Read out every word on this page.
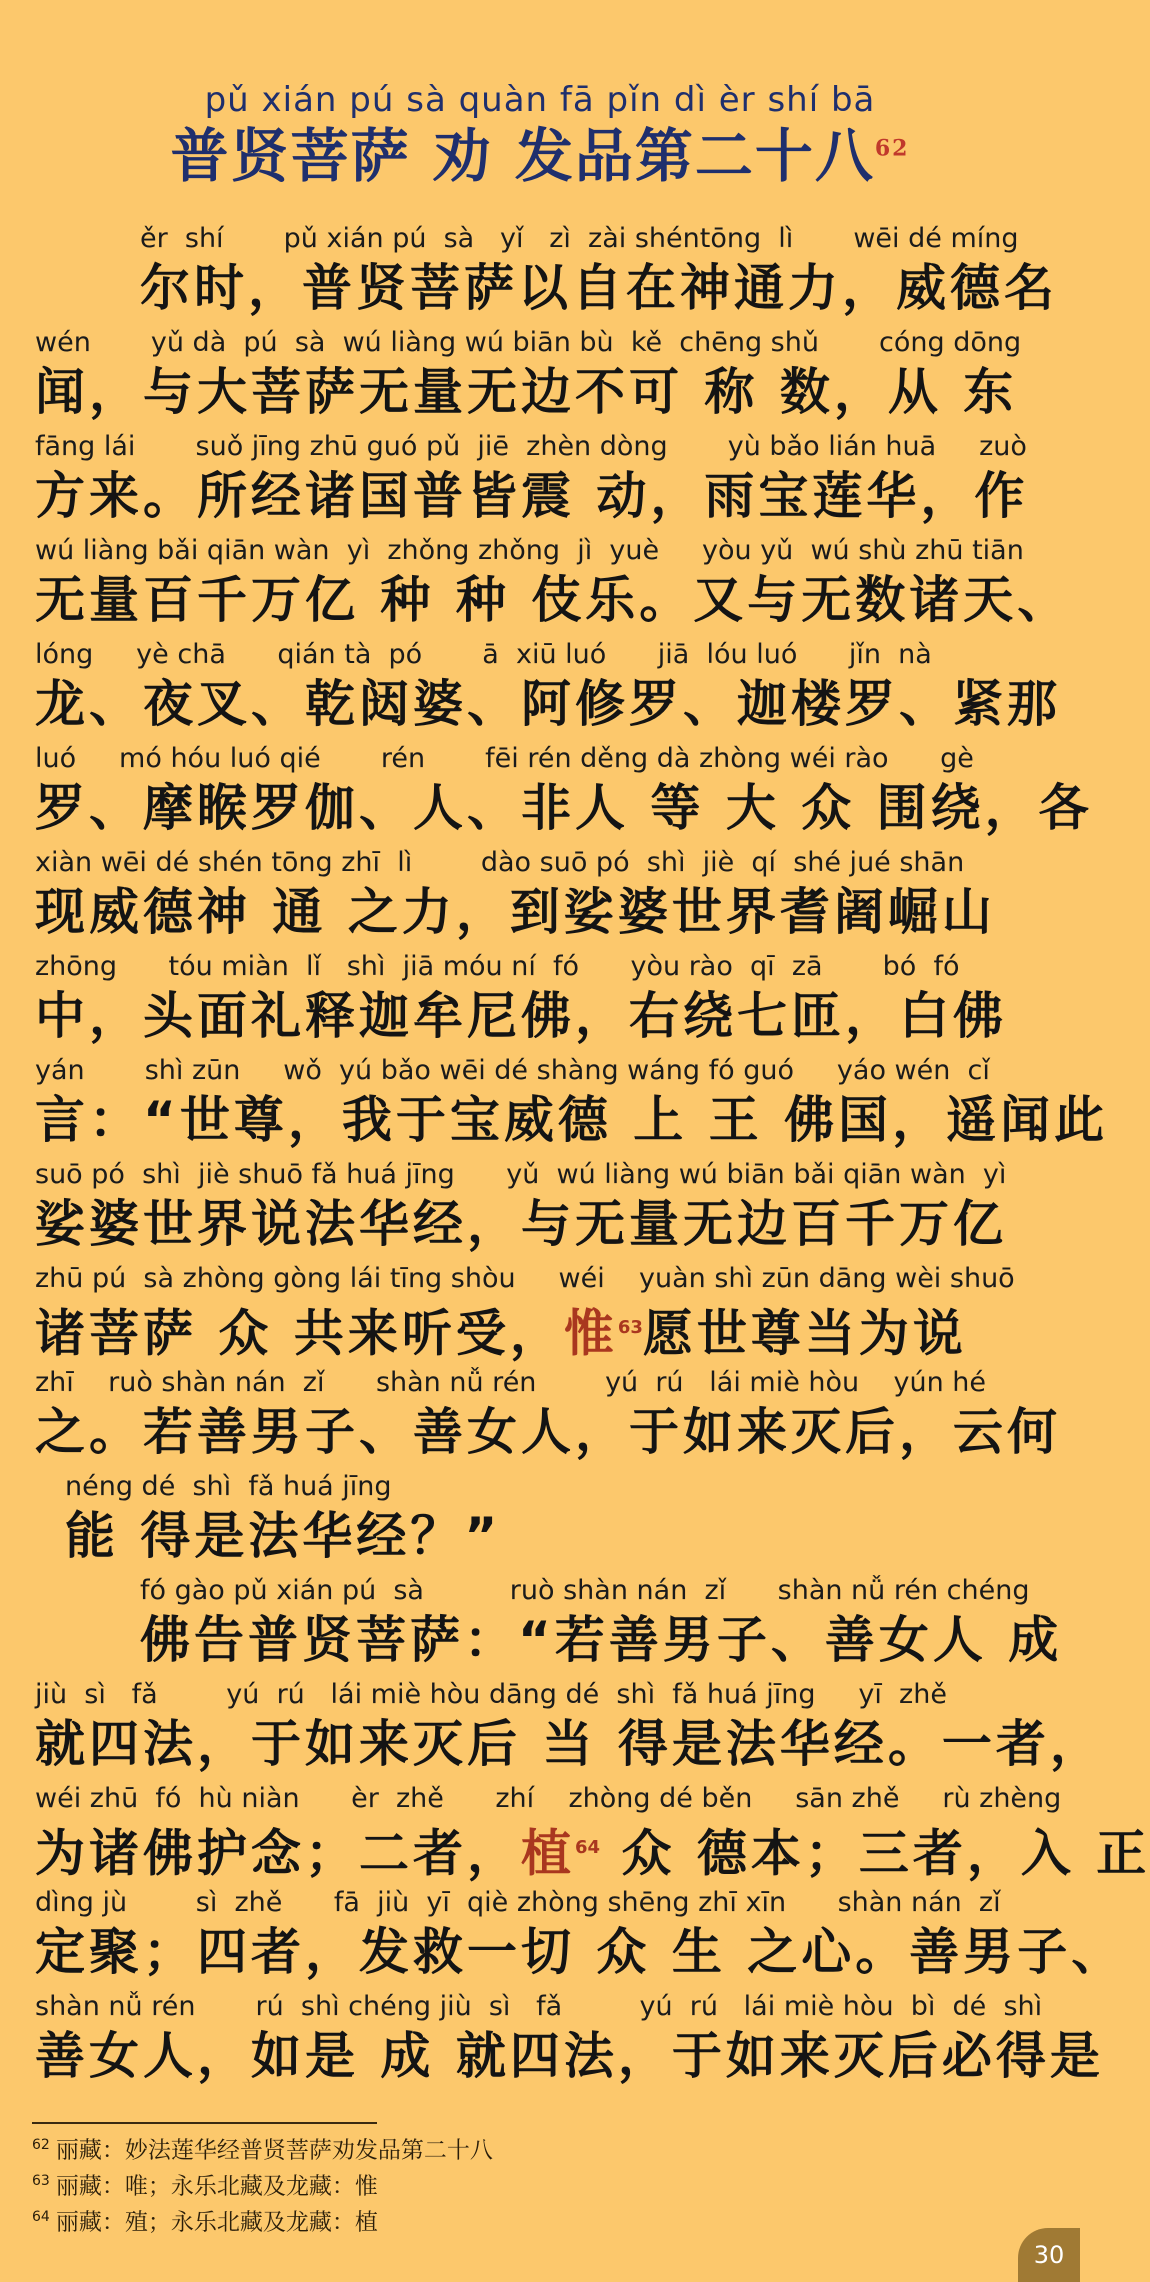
pǔ xián pú sà quàn fā pǐn dì èr shí bā
普贤菩萨 劝 发品第二十八$^{62}$
ěr  shí       pǔ xián pú  sà   yǐ   zì  zài shéntōng  lì       wēi dé míng
尔时，普贤菩萨以自在神通力，威德名
wén       yǔ dà  pú  sà  wú liàng wú biān bù  kě  chēng shǔ       cóng dōng
闻，与大菩萨无量无边不可 称 数，从 东
fāng lái       suǒ jīng zhū guó pǔ  jiē  zhèn dòng       yù bǎo lián huā     zuò
方来。所经诸国普皆震 动，雨宝莲华，作
wú liàng bǎi qiān wàn  yì  zhǒng zhǒng  jì  yuè     yòu yǔ  wú shù zhū tiān
无量百千万亿 种 种 伎乐。又与无数诸天、
lóng     yè chā      qián tà  pó       ā  xiū luó      jiā  lóu luó      jǐn  nà
龙、夜叉、乾闼婆、阿修罗、迦楼罗、紧那
luó     mó hóu luó qié       rén       fēi rén děng dà zhòng wéi rào      gè
罗、摩睺罗伽、人、非人 等 大 众 围绕，各
xiàn wēi dé shén tōng zhī  lì        dào suō pó  shì  jiè  qí  shé jué shān
现威德神 通 之力，到娑婆世界耆阇崛山
zhōng      tóu miàn  lǐ   shì  jiā móu ní  fó      yòu rào  qī  zā       bó  fó
中，头面礼释迦牟尼佛，右绕七匝，白佛
yán       shì zūn     wǒ  yú bǎo wēi dé shàng wáng fó guó     yáo wén  cǐ
言：“世尊，我于宝威德 上 王 佛国，遥闻此
suō pó  shì  jiè shuō fǎ huá jīng      yǔ  wú liàng wú biān bǎi qiān wàn  yì
娑婆世界说法华经，与无量无边百千万亿
zhū pú  sà zhòng gòng lái tīng shòu     wéi    yuàn shì zūn dāng wèi shuō
诸菩萨 众 共来听受，惟$^{63}$愿世尊当为说
zhī    ruò shàn nán  zǐ      shàn nǚ rén        yú  rú   lái miè hòu    yún hé
之。若善男子、善女人，于如来灭后，云何
néng dé  shì  fǎ huá jīng
能 得是法华经？”
fó gào pǔ xián pú  sà          ruò shàn nán  zǐ      shàn nǚ rén chéng
佛告普贤菩萨：“若善男子、善女人 成
jiù  sì   fǎ        yú  rú   lái miè hòu dāng dé  shì  fǎ huá jīng     yī  zhě
就四法，于如来灭后 当 得是法华经。一者，
wéi zhū  fó  hù niàn      èr  zhě      zhí    zhòng dé běn     sān zhě     rù zhèng
为诸佛护念；二者，植$^{64}$ 众 德本；三者，入 正
dìng jù        sì  zhě      fā  jiù  yī  qiè zhòng shēng zhī xīn      shàn nán  zǐ
定聚；四者，发救一切 众 生 之心。善男子、
shàn nǚ rén       rú  shì chéng jiù  sì   fǎ         yú  rú   lái miè hòu  bì  dé  shì
善女人，如是 成 就四法，于如来灭后必得是
$^{62}$ 丽藏：妙法莲华经普贤菩萨劝发品第二十八
$^{63}$ 丽藏：唯；永乐北藏及龙藏：惟
$^{64}$ 丽藏：殖；永乐北藏及龙藏：植
30
